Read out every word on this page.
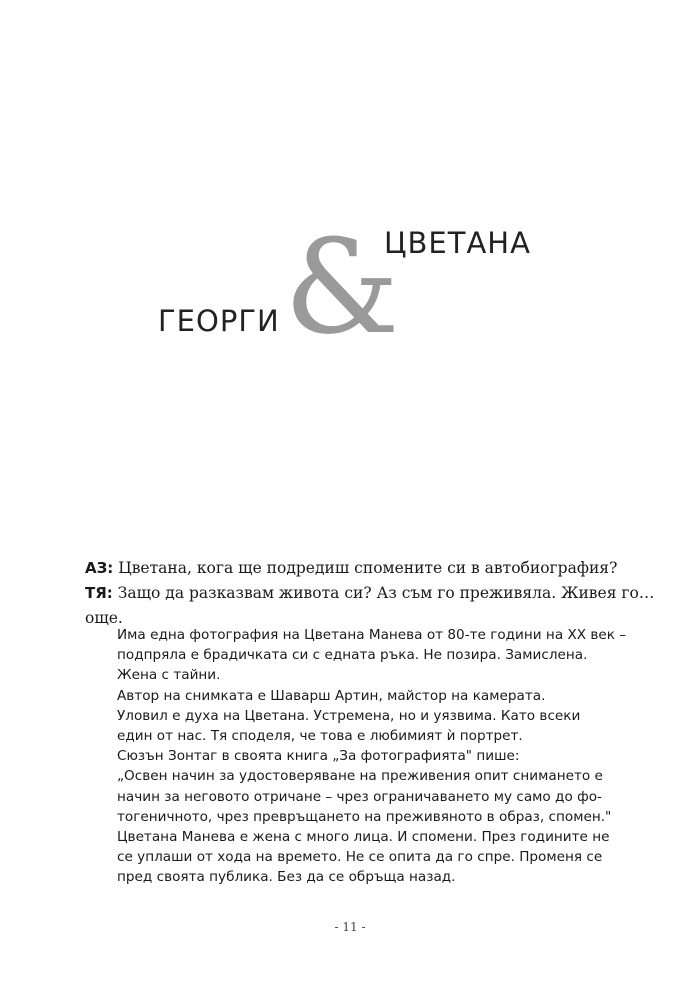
ЦВЕТАНА
&
ГЕОРГИ
АЗ: Цветана, кога ще подредиш спомените си в автобиография?
ТЯ: Защо да разказвам живота си? Аз съм го преживяла. Живея го… още.
Има една фотография на Цветана Манева от 80-те години на XX век –
подпряла е брадичката си с едната ръка. Не позира. Замислена.
Жена с тайни.
Автор на снимката е Шаварш Артин, майстор на камерата.
Уловил е духа на Цветана. Устремена, но и уязвима. Като всеки
един от нас. Тя споделя, че това е любимият ѝ портрет.
Сюзън Зонтаг в своята книга „За фотографията" пише:
„Освен начин за удостоверяване на преживения опит снимането е
начин за неговото отричане – чрез ограничаването му само до фо-
тогеничното, чрез превръщането на преживяното в образ, спомен."
Цветана Манева е жена с много лица. И спомени. През годините не
се уплаши от хода на времето. Не се опита да го спре. Променя се
пред своята публика. Без да се обръща назад.
- 11 -
